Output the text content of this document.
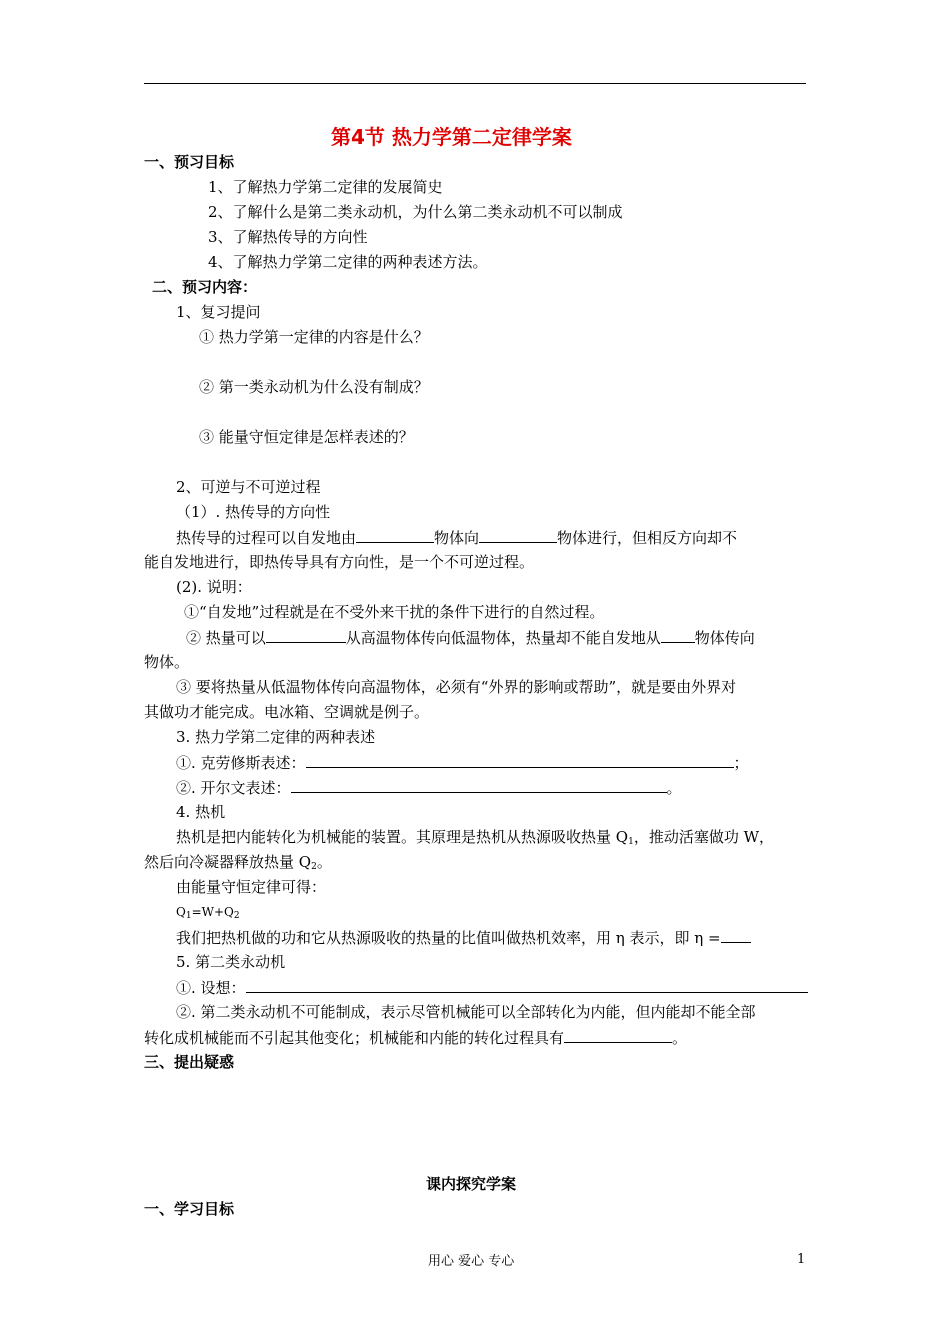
第4节 热力学第二定律学案
一、预习目标
1、了解热力学第二定律的发展简史
2、了解什么是第二类永动机，为什么第二类永动机不可以制成
3、了解热传导的方向性
4、了解热力学第二定律的两种表述方法。
二、预习内容：
1、复习提问
① 热力学第一定律的内容是什么？
② 第一类永动机为什么没有制成？
③ 能量守恒定律是怎样表述的？
2、可逆与不可逆过程
（1）. 热传导的方向性
热传导的过程可以自发地由	物体向	物体进行，但相反方向却不
能自发地进行，即热传导具有方向性，是一个不可逆过程。
(2). 说明：
①“自发地”过程就是在不受外来干扰的条件下进行的自然过程。
② 热量可以	从高温物体传向低温物体，热量却不能自发地从 物体传向
物体。
③ 要将热量从低温物体传向高温物体，必须有“外界的影响或帮助”，就是要由外界对
其做功才能完成。电冰箱、空调就是例子。
3. 热力学第二定律的两种表述
①. 克劳修斯表述：	；
②. 开尔文表述：	。
4. 热机
热机是把内能转化为机械能的装置。其原理是热机从热源吸收热量 $Q_1$，推动活塞做功 W，
然后向冷凝器释放热量 $Q_2$。
由能量守恒定律可得：
$Q_1=W+Q_2$
我们把热机做的功和它从热源吸收的热量的比值叫做热机效率，用 η 表示，即 η =
5. 第二类永动机
①. 设想：
②. 第二类永动机不可能制成，表示尽管机械能可以全部转化为内能，但内能却不能全部
转化成机械能而不引起其他变化；机械能和内能的转化过程具有	。
三、提出疑惑
课内探究学案
一、学习目标
用心 爱心 专心	1
